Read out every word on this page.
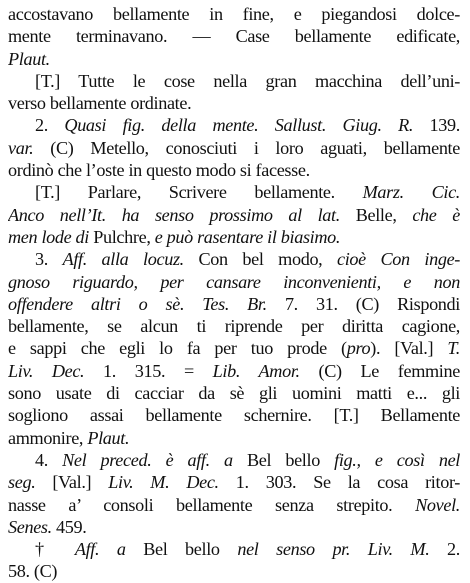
accostavano bellamente in fine, e piegandosi dolce-
mente terminavano. — Case bellamente edificate,
Plaut.
[T.] Tutte le cose nella gran macchina dell’uni-
verso bellamente ordinate.
2. Quasi fig. della mente. Sallust. Giug. R. 139.
var. (C) Metello, conosciuti i loro aguati, bellamente
ordinò che l’oste in questo modo si facesse.
[T.] Parlare, Scrivere bellamente. Marz. Cic.
Anco nell’It. ha senso prossimo al lat. Belle, che è
men lode di Pulchre, e può rasentare il biasimo.
3. Aff. alla locuz. Con bel modo, cioè Con inge-
gnoso riguardo, per cansare inconvenienti, e non
offendere altri o sè. Tes. Br. 7. 31. (C) Rispondi
bellamente, se alcun ti riprende per diritta cagione,
e sappi che egli lo fa per tuo prode (pro). [Val.] T.
Liv. Dec. 1. 315. = Lib. Amor. (C) Le femmine
sono usate di cacciar da sè gli uomini matti e... gli
sogliono assai bellamente schernire. [T.] Bellamente
ammonire, Plaut.
4. Nel preced. è aff. a Bel bello fig., e così nel
seg. [Val.] Liv. M. Dec. 1. 303. Se la cosa ritor-
nasse a’ consoli bellamente senza strepito. Novel.
Senes. 459.
† Aff. a Bel bello nel senso pr. Liv. M. 2.
58. (C)
